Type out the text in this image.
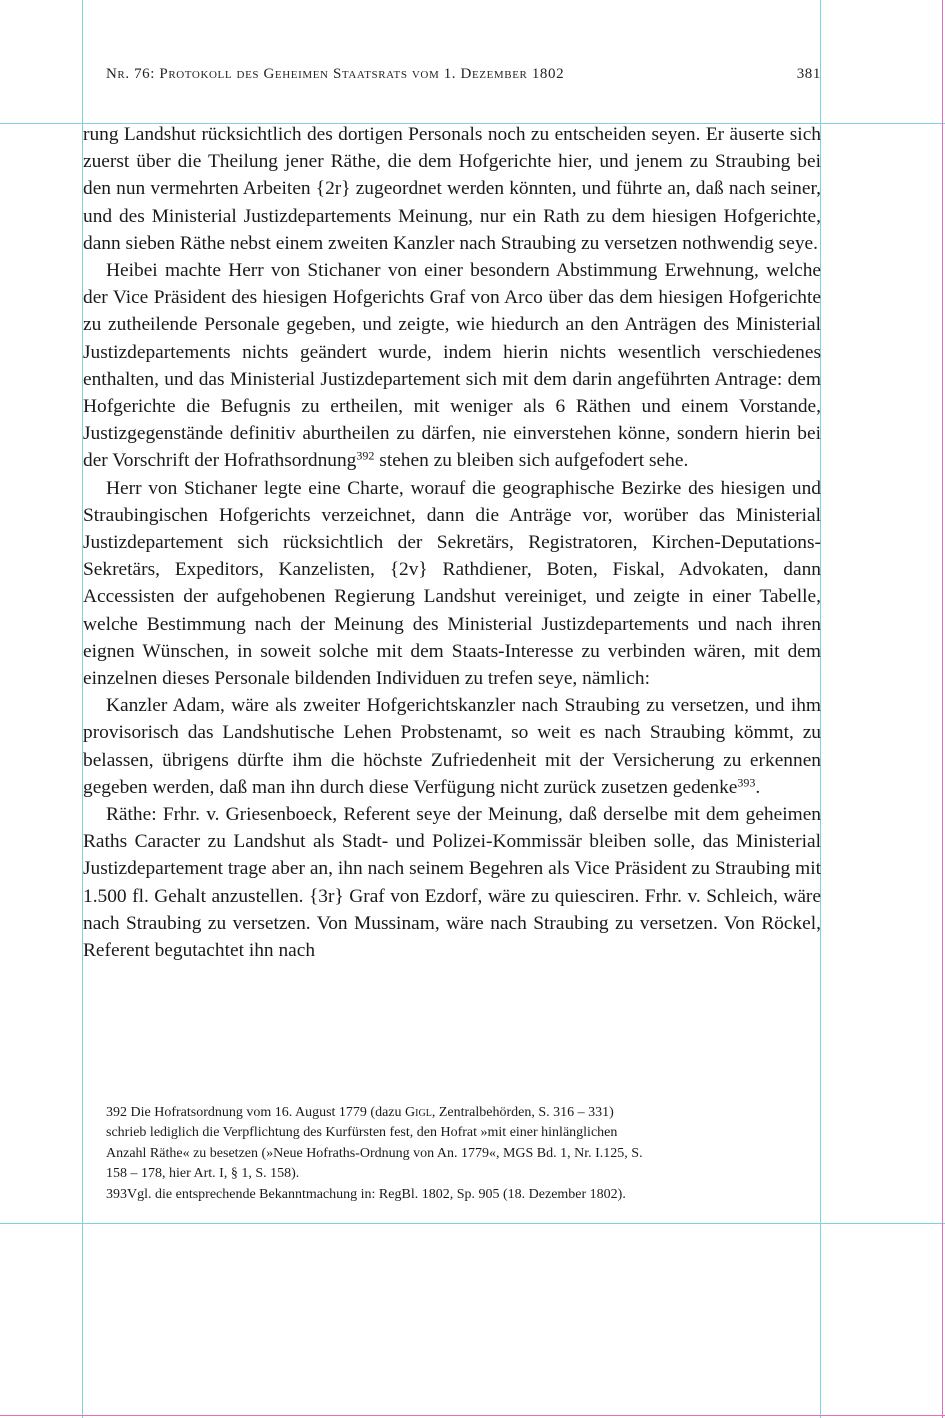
Nr. 76: Protokoll des Geheimen Staatsrats vom 1. Dezember 1802	381

rung Landshut rücksichtlich des dortigen Personals noch zu entscheiden seyen. Er äuserte sich zuerst über die Theilung jener Räthe, die dem Hofgerichte hier, und jenem zu Straubing bei den nun vermehrten Arbeiten {2r} zugeordnet werden könnten, und führte an, daß nach seiner, und des Ministerial Justizdepartements Meinung, nur ein Rath zu dem hiesigen Hofgerichte, dann sieben Räthe nebst einem zweiten Kanzler nach Straubing zu versetzen nothwendig seye.

Heibei machte Herr von Stichaner von einer besondern Abstimmung Erwehnung, welche der Vice Präsident des hiesigen Hofgerichts Graf von Arco über das dem hiesigen Hofgerichte zu zutheilende Personale gegeben, und zeigte, wie hiedurch an den Anträgen des Ministerial Justizdepartements nichts geändert wurde, indem hierin nichts wesentlich verschiedenes enthalten, und das Ministerial Justizdepartement sich mit dem darin angeführten Antrage: dem Hofgerichte die Befugnis zu ertheilen, mit weniger als 6 Räthen und einem Vorstande, Justizgegenstände definitiv aburtheilen zu därfen, nie einverstehen könne, sondern hierin bei der Vorschrift der Hofrathsordnung$^{392}$ stehen zu bleiben sich aufgefodert sehe.

Herr von Stichaner legte eine Charte, worauf die geographische Bezirke des hiesigen und Straubingischen Hofgerichts verzeichnet, dann die Anträge vor, worüber das Ministerial Justizdepartement sich rücksichtlich der Sekretärs, Registratoren, Kirchen-Deputations-Sekretärs, Expeditors, Kanzelisten, {2v} Rathdiener, Boten, Fiskal, Advokaten, dann Accessisten der aufgehobenen Regierung Landshut vereiniget, und zeigte in einer Tabelle, welche Bestimmung nach der Meinung des Ministerial Justizdepartements und nach ihren eignen Wünschen, in soweit solche mit dem Staats-Interesse zu verbinden wären, mit dem einzelnen dieses Personale bildenden Individuen zu trefen seye, nämlich:

Kanzler Adam, wäre als zweiter Hofgerichtskanzler nach Straubing zu versetzen, und ihm provisorisch das Landshutische Lehen Probstenamt, so weit es nach Straubing kömmt, zu belassen, übrigens dürfte ihm die höchste Zufriedenheit mit der Versicherung zu erkennen gegeben werden, daß man ihn durch diese Verfügung nicht zurück zusetzen gedenke$^{393}$.

Räthe: Frhr. v. Griesenboeck, Referent seye der Meinung, daß derselbe mit dem geheimen Raths Caracter zu Landshut als Stadt- und Polizei-Kommissär bleiben solle, das Ministerial Justizdepartement trage aber an, ihn nach seinem Begehren als Vice Präsident zu Straubing mit 1.500 fl. Gehalt anzustellen. {3r} Graf von Ezdorf, wäre zu quiesciren. Frhr. v. Schleich, wäre nach Straubing zu versetzen. Von Mussinam, wäre nach Straubing zu versetzen. Von Röckel, Referent begutachtet ihn nach

392 Die Hofratsordnung vom 16. August 1779 (dazu Gigl, Zentralbehörden, S. 316 – 331) schrieb lediglich die Verpflichtung des Kurfürsten fest, den Hofrat »mit einer hinlänglichen Anzahl Räthe« zu besetzen (»Neue Hofraths-Ordnung von An. 1779«, MGS Bd. 1, Nr. I.125, S. 158 – 178, hier Art. I, § 1, S. 158).

393Vgl. die entsprechende Bekanntmachung in: RegBl. 1802, Sp. 905 (18. Dezember 1802).
